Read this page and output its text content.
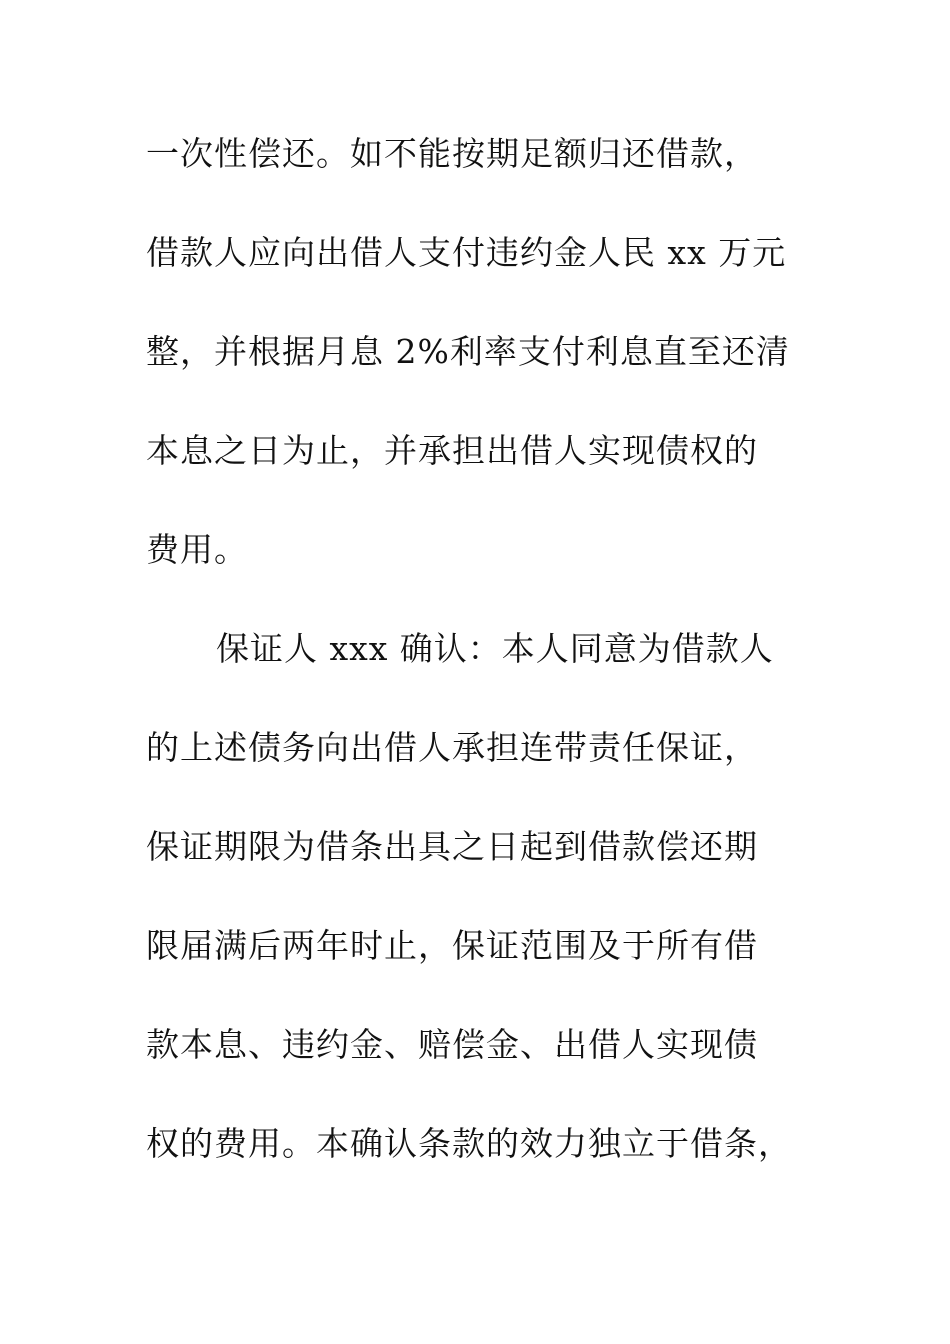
一次性偿还。如不能按期足额归还借款，
借款人应向出借人支付违约金人民 xx 万元
整，并根据月息 2%利率支付利息直至还清
本息之日为止，并承担出借人实现债权的
费用。
保证人 xxx 确认：本人同意为借款人
的上述债务向出借人承担连带责任保证，
保证期限为借条出具之日起到借款偿还期
限届满后两年时止，保证范围及于所有借
款本息、违约金、赔偿金、出借人实现债
权的费用。本确认条款的效力独立于借条，
